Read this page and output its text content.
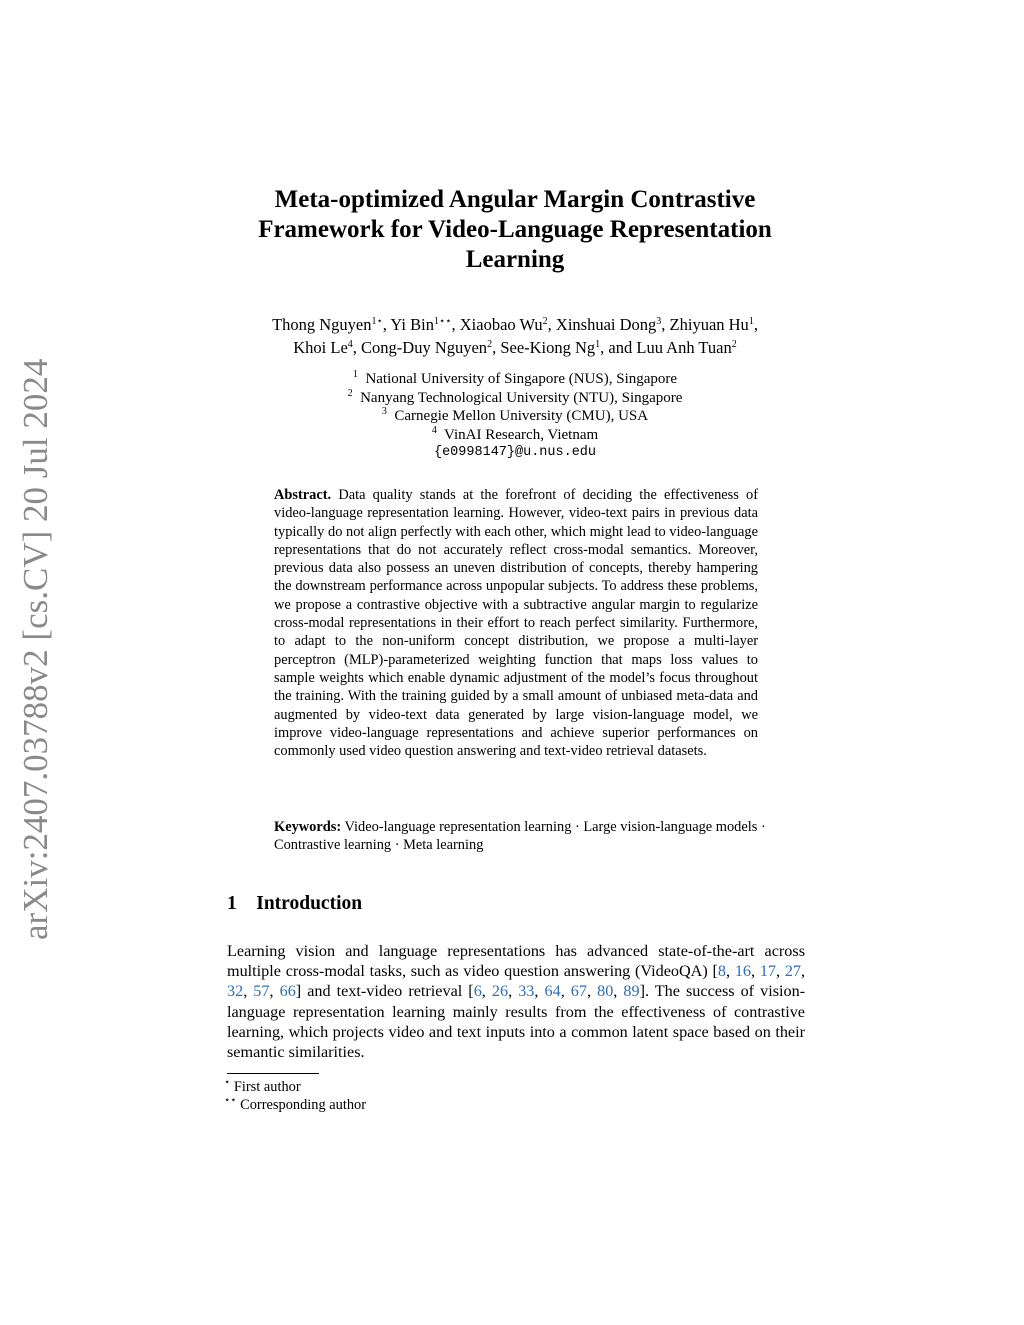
arXiv:2407.03788v2 [cs.CV] 20 Jul 2024
Meta-optimized Angular Margin Contrastive
Framework for Video-Language Representation
Learning
Thong Nguyen$^{1⋆}$, Yi Bin$^{1⋆⋆}$, Xiaobao Wu$^2$, Xinshuai Dong$^3$, Zhiyuan Hu$^1$,
Khoi Le$^4$, Cong-Duy Nguyen$^2$, See-Kiong Ng$^1$, and Luu Anh Tuan$^2$
$^1$ National University of Singapore (NUS), Singapore
$^2$ Nanyang Technological University (NTU), Singapore
$^3$ Carnegie Mellon University (CMU), USA
$^4$ VinAI Research, Vietnam
{e0998147}@u.nus.edu
Abstract. Data quality stands at the forefront of deciding the effectiveness of video-language representation learning. However, video-text pairs in previous data typically do not align perfectly with each other, which might lead to video-language representations that do not accurately reflect cross-modal semantics. Moreover, previous data also possess an uneven distribution of concepts, thereby hampering the downstream performance across unpopular subjects. To address these problems, we propose a contrastive objective with a subtractive angular margin to regularize cross-modal representations in their effort to reach perfect similarity. Furthermore, to adapt to the non-uniform concept distribution, we propose a multi-layer perceptron (MLP)-parameterized weighting function that maps loss values to sample weights which enable dynamic adjustment of the model’s focus throughout the training. With the training guided by a small amount of unbiased meta-data and augmented by video-text data generated by large vision-language model, we improve video-language representations and achieve superior performances on commonly used video question answering and text-video retrieval datasets.
Keywords: Video-language representation learning · Large vision-language models · Contrastive learning · Meta learning
1 Introduction
Learning vision and language representations has advanced state-of-the-art across multiple cross-modal tasks, such as video question answering (VideoQA) [8, 16, 17, 27, 32, 57, 66] and text-video retrieval [6, 26, 33, 64, 67, 80, 89]. The success of vision-language representation learning mainly results from the effectiveness of contrastive learning, which projects video and text inputs into a common latent space based on their semantic similarities.
⋆ First author
⋆⋆ Corresponding author
